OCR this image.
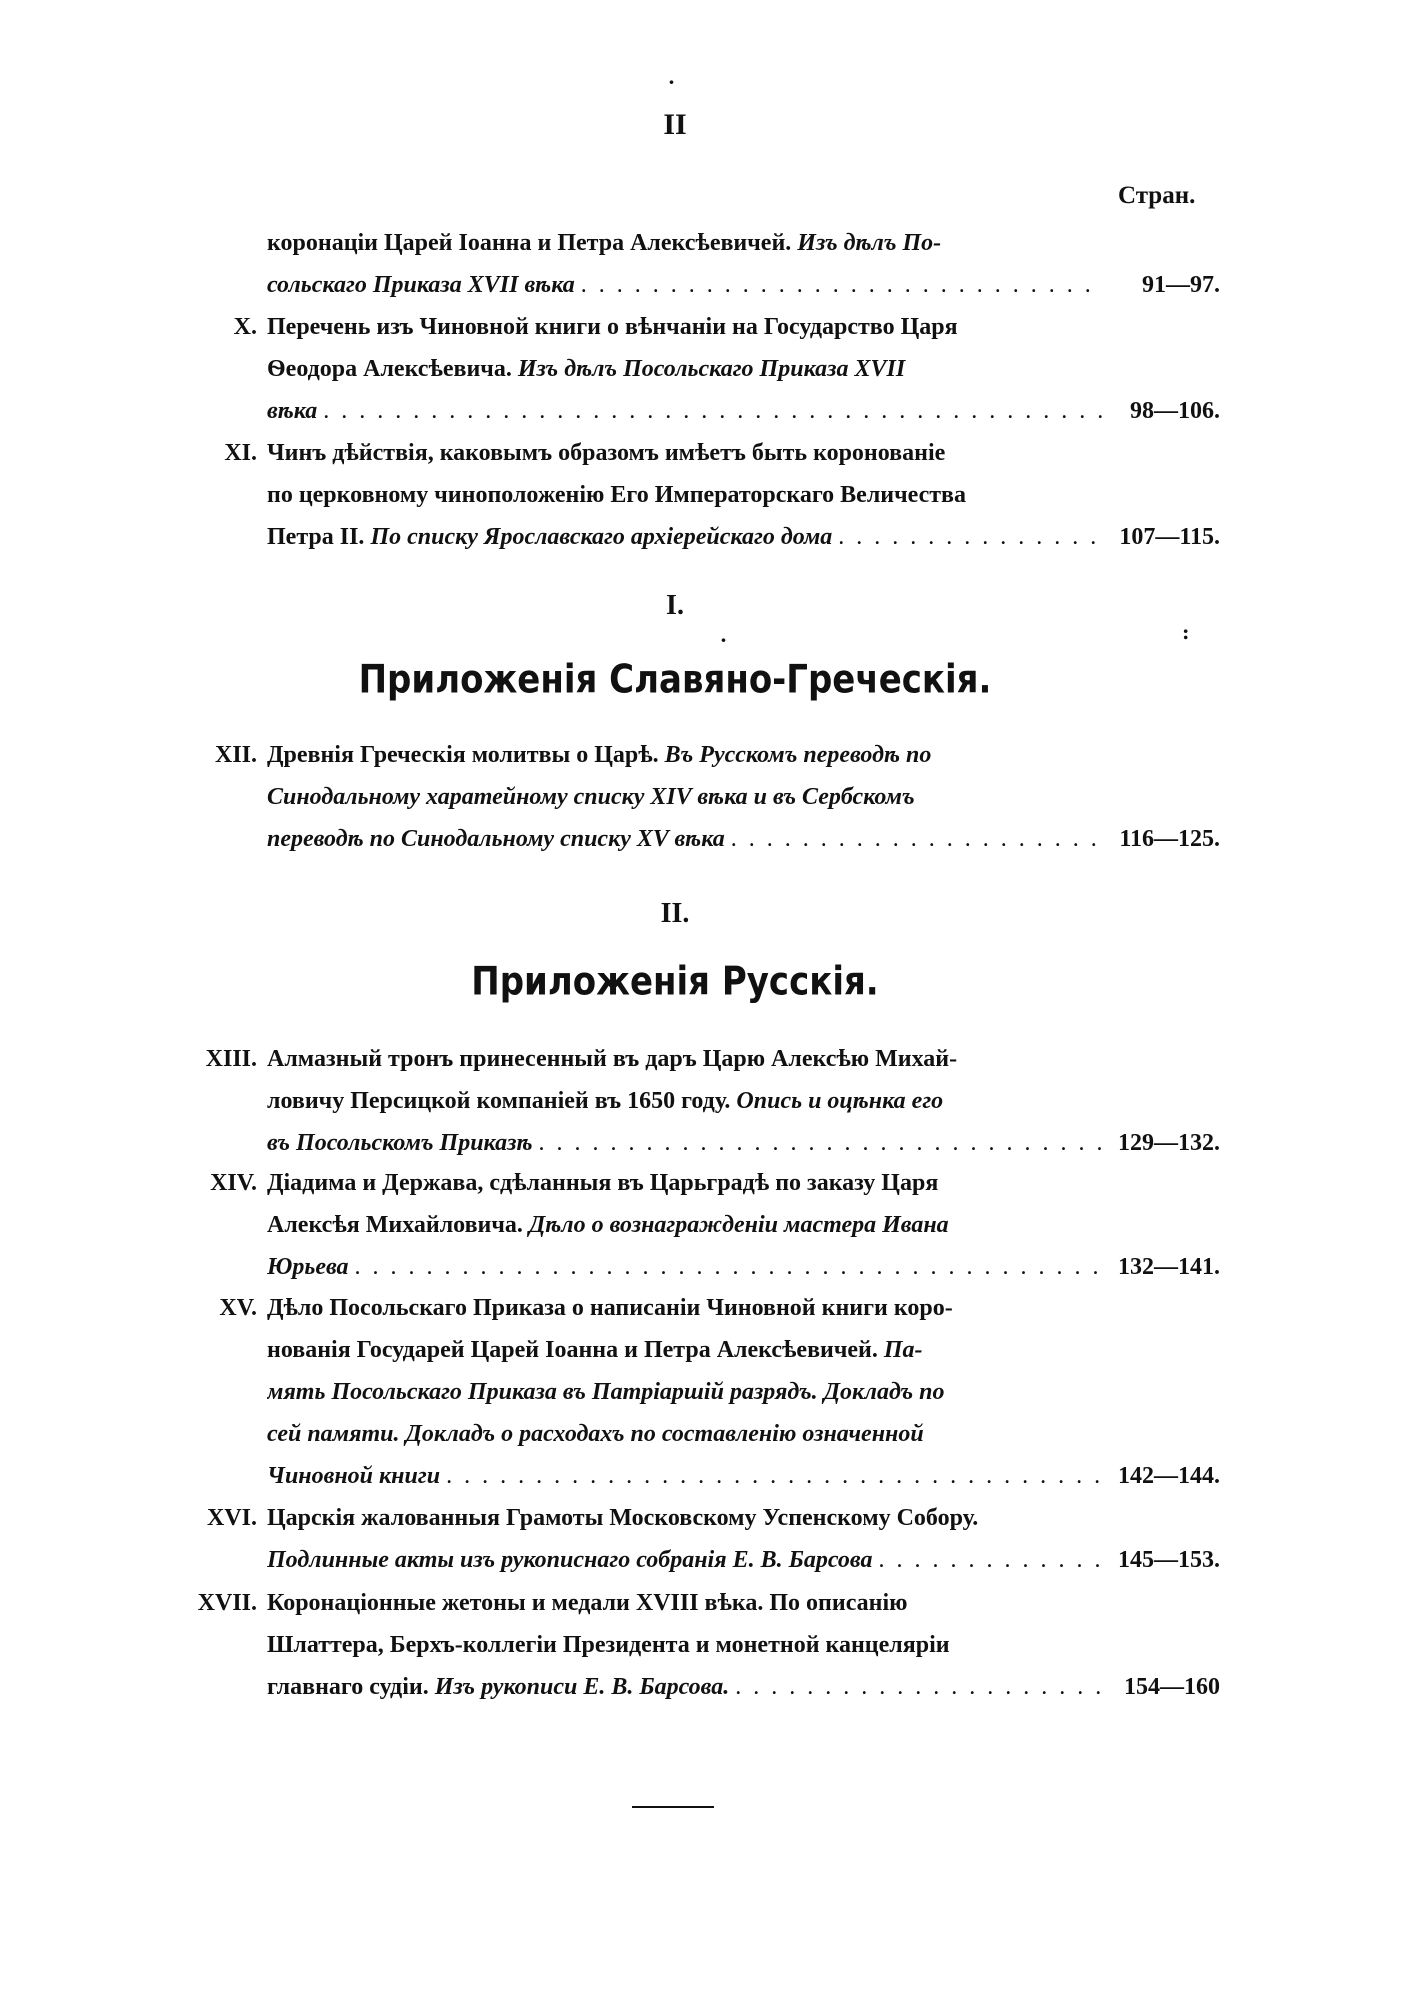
·
II
Стран.
коронаціи Царей Іоанна и Петра Алексѣевичей. Изъ дѣлъ По-
сольскаго Приказа XVII вѣка . . .	91—97.
X. Перечень изъ Чиновной книги о вѣнчаніи на Государство Царя
Ѳеодора Алексѣевича. Изъ дѣлъ Посольскаго Приказа XVII
вѣка . . .	98—106.
XI. Чинъ дѣйствія, каковымъ образомъ имѣетъ быть коронованіе
по церковному чиноположенію Его Императорскаго Величества
Петра II. По списку Ярославскаго архіерейскаго дома . . .	107—115.
I.
·	:
Приложенія Славяно-Греческія.
XII. Древнія Греческія молитвы о Царѣ. Въ Русскомъ переводѣ по
Синодальному харатейному списку XIV вѣка и въ Сербскомъ
переводѣ по Синодальному списку XV вѣка . . .	116—125.
II.
Приложенія Русскія.
XIII. Алмазный тронъ принесенный въ даръ Царю Алексѣю Михай-
ловичу Персицкой компаніей въ 1650 году. Опись и оцѣнка его
въ Посольскомъ Приказѣ . . .	129—132.
XIV. Діадима и Держава, сдѣланныя въ Царьградѣ по заказу Царя
Алексѣя Михайловича. Дѣло о вознагражденіи мастера Ивана
Юрьева . . .	132—141.
XV. Дѣло Посольскаго Приказа о написаніи Чиновной книги коро-
нованія Государей Царей Іоанна и Петра Алексѣевичей. Па-
мять Посольскаго Приказа въ Патріаршій разрядъ. Докладъ по
сей памяти. Докладъ о расходахъ по составленію означенной
Чиновной книги . . .	142—144.
XVI. Царскія жалованныя Грамоты Московскому Успенскому Собору.
Подлинные акты изъ рукописнаго собранія Е. В. Барсова . . .	145—153.
XVII. Коронаціонные жетоны и медали XVIII вѣка. По описанію
Шлаттера, Берхъ-коллегіи Президента и монетной канцеляріи
главнаго судіи. Изъ рукописи Е. В. Барсова. . . .	154—160
